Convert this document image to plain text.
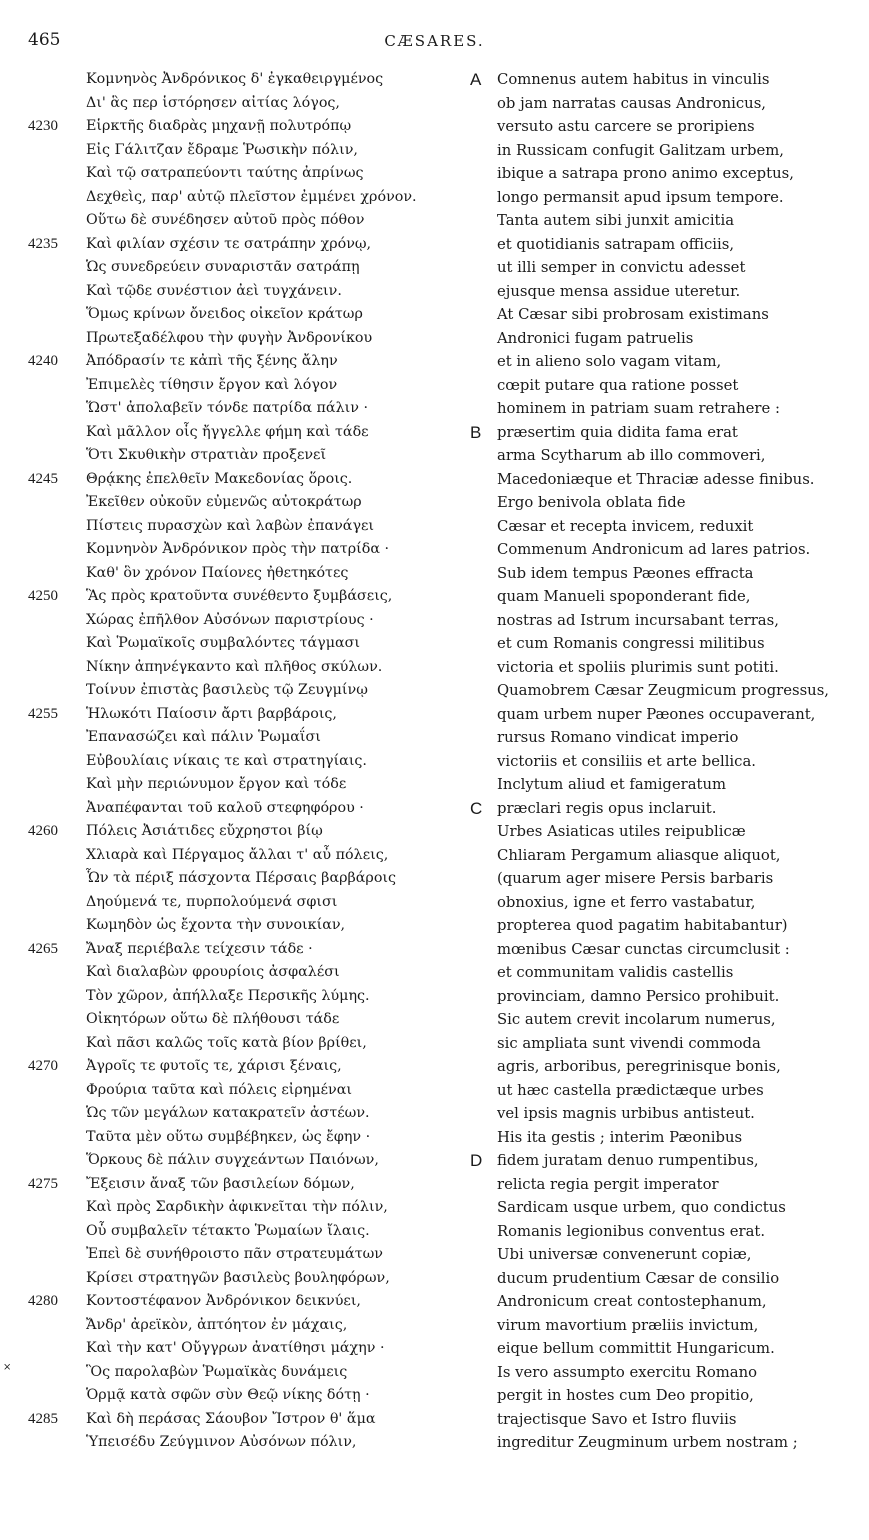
465	CÆSARES.
Κομνηνὸς Ἀνδρόνικος δ' ἐγκαθειργμένος
Δι' ἃς περ ἱστόρησεν αἰτίας λόγος,
4230 Εἱρκτῆς διαδρὰς μηχανῇ πολυτρόπῳ
Εἰς Γάλιτζαν ἔδραμε Ῥωσικὴν πόλιν,
Καὶ τῷ σατραπεύοντι ταύτης ἀπρίνως
Δεχθεὶς, παρ' αὐτῷ πλεῖστον ἐμμένει χρόνον.
Οὕτω δὲ συνέδησεν αὐτοῦ πρὸς πόθον
4235 Καὶ φιλίαν σχέσιν τε σατράπην χρόνῳ,
Ὡς συνεδρεύειν συναριστᾶν σατράπῃ
Καὶ τῷδε συνέστιον ἀεὶ τυγχάνειν.
Ὅμως κρίνων ὄνειδος οἰκεῖον κράτωρ
Πρωτεξαδέλφου τὴν φυγὴν Ἀνδρονίκου
4240 Ἀπόδρασίν τε κἀπὶ τῆς ξένης ἄλην
Ἐπιμελὲς τίθησιν ἔργον καὶ λόγον
Ὥστ' ἀπολαβεῖν τόνδε πατρίδα πάλιν ·
Καὶ μᾶλλον οἷς ἤγγελλε φήμη καὶ τάδε
Ὅτι Σκυθικὴν στρατιὰν προξενεῖ
4245 Θρᾴκης ἐπελθεῖν Μακεδονίας ὅροις.
Ἐκεῖθεν οὐκοῦν εὐμενῶς αὐτοκράτωρ
Πίστεις πυρασχὼν καὶ λαβὼν ἐπανάγει
Κομνηνὸν Ἀνδρόνικον πρὸς τὴν πατρίδα ·
Καθ' ὃν χρόνον Παίονες ἠθετηκότες
4250 Ἃς πρὸς κρατοῦντα συνέθεντο ξυμβάσεις,
Χώρας ἐπῆλθον Αὐσόνων παριστρίους ·
Καὶ Ῥωμαϊκοῖς συμβαλόντες τάγμασι
Νίκην ἀπηνέγκαντο καὶ πλῆθος σκύλων.
Τοίνυν ἐπιστὰς βασιλεὺς τῷ Ζευγμίνῳ
4255 Ἡλωκότι Παίοσιν ἄρτι βαρβάροις,
Ἐπανασώζει καὶ πάλιν Ῥωμαΐσι
Εὐβουλίαις νίκαις τε καὶ στρατηγίαις.
Καὶ μὴν περιώνυμον ἔργον καὶ τόδε
Ἀναπέφανται τοῦ καλοῦ στεφηφόρου ·
4260 Πόλεις Ἀσιάτιδες εὔχρηστοι βίῳ
Χλιαρὰ καὶ Πέργαμος ἄλλαι τ' αὖ πόλεις,
Ὧν τὰ πέριξ πάσχοντα Πέρσαις βαρβάροις
Δηούμενά τε, πυρπολούμενά σφισι
Κωμηδὸν ὡς ἔχοντα τὴν συνοικίαν,
4265 Ἄναξ περιέβαλε τείχεσιν τάδε ·
Καὶ διαλαβὼν φρουρίοις ἀσφαλέσι
Τὸν χῶρον, ἀπήλλαξε Περσικῆς λύμης.
Οἰκητόρων οὕτω δὲ πλήθουσι τάδε
Καὶ πᾶσι καλῶς τοῖς κατὰ βίον βρίθει,
4270 Ἀγροῖς τε φυτοῖς τε, χάρισι ξέναις,
Φρούρια ταῦτα καὶ πόλεις εἰρημέναι
Ὡς τῶν μεγάλων κατακρατεῖν ἀστέων.
Ταῦτα μὲν οὕτω συμβέβηκεν, ὡς ἔφην ·
Ὅρκους δὲ πάλιν συγχεάντων Παιόνων,
4275 Ἔξεισιν ἄναξ τῶν βασιλείων δόμων,
Καὶ πρὸς Σαρδικὴν ἀφικνεῖται τὴν πόλιν,
Οὗ συμβαλεῖν τέτακτο Ῥωμαίων ἴλαις.
Ἐπεὶ δὲ συνήθροιστο πᾶν στρατευμάτων
Κρίσει στρατηγῶν βασιλεὺς βουληφόρων,
4280 Κοντοστέφανον Ἀνδρόνικον δεικνύει,
Ἄνδρ' ἀρεϊκὸν, ἀπτόητον ἐν μάχαις,
Καὶ τὴν κατ' Οὔγγρων ἀνατίθησι μάχην ·
Ὃς παρολαβὼν Ῥωμαϊκὰς δυνάμεις
Ὁρμᾷ κατὰ σφῶν σὺν Θεῷ νίκης δότῃ ·
4285 Καὶ δὴ περάσας Σάουβον Ἴστρον θ' ἅμα
Ὑπεισέδυ Ζεύγμινον Αὐσόνων πόλιν,
A Comnenus autem habitus in vinculis
ob jam narratas causas Andronicus,
versuto astu carcere se proripiens
in Russicam confugit Galitzam urbem,
ibique a satrapa prono animo exceptus,
longo permansit apud ipsum tempore.
Tanta autem sibi junxit amicitia
et quotidianis satrapam officiis,
ut illi semper in convictu adesset
ejusque mensa assidue uteretur.
At Cæsar sibi probrosam existimans
Andronici fugam patruelis
et in alieno solo vagam vitam,
cœpit putare qua ratione posset
hominem in patriam suam retrahere :
B præsertim quia didita fama erat
arma Scytharum ab illo commoveri,
Macedoniæque et Thraciæ adesse finibus.
Ergo benivola oblata fide
Cæsar et recepta invicem, reduxit
Commenum Andronicum ad lares patrios.
Sub idem tempus Pæones effracta
quam Manueli spoponderant fide,
nostras ad Istrum incursabant terras,
et cum Romanis congressi militibus
victoria et spoliis plurimis sunt potiti.
Quamobrem Cæsar Zeugmicum progressus,
quam urbem nuper Pæones occupaverant,
rursus Romano vindicat imperio
victoriis et consiliis et arte bellica.
Inclytum aliud et famigeratum
C præclari regis opus inclaruit.
Urbes Asiaticas utiles reipublicæ
Chliaram Pergamum aliasque aliquot,
(quarum ager misere Persis barbaris
obnoxius, igne et ferro vastabatur,
propterea quod pagatim habitabantur)
mœnibus Cæsar cunctas circumclusit :
et communitam validis castellis
provinciam, damno Persico prohibuit.
Sic autem crevit incolarum numerus,
sic ampliata sunt vivendi commoda
agris, arboribus, peregrinisque bonis,
ut hæc castella prædictæque urbes
vel ipsis magnis urbibus antisteut.
His ita gestis ; interim Pæonibus
D fidem juratam denuo rumpentibus,
relicta regia pergit imperator
Sardicam usque urbem, quo condictus
Romanis legionibus conventus erat.
Ubi universæ convenerunt copiæ,
ducum prudentium Cæsar de consilio
Andronicum creat contostephanum,
virum mavortium præliis invictum,
eique bellum committit Hungaricum.
Is vero assumpto exercitu Romano
pergit in hostes cum Deo propitio,
trajectisque Savo et Istro fluviis
ingreditur Zeugminum urbem nostram ;
×
